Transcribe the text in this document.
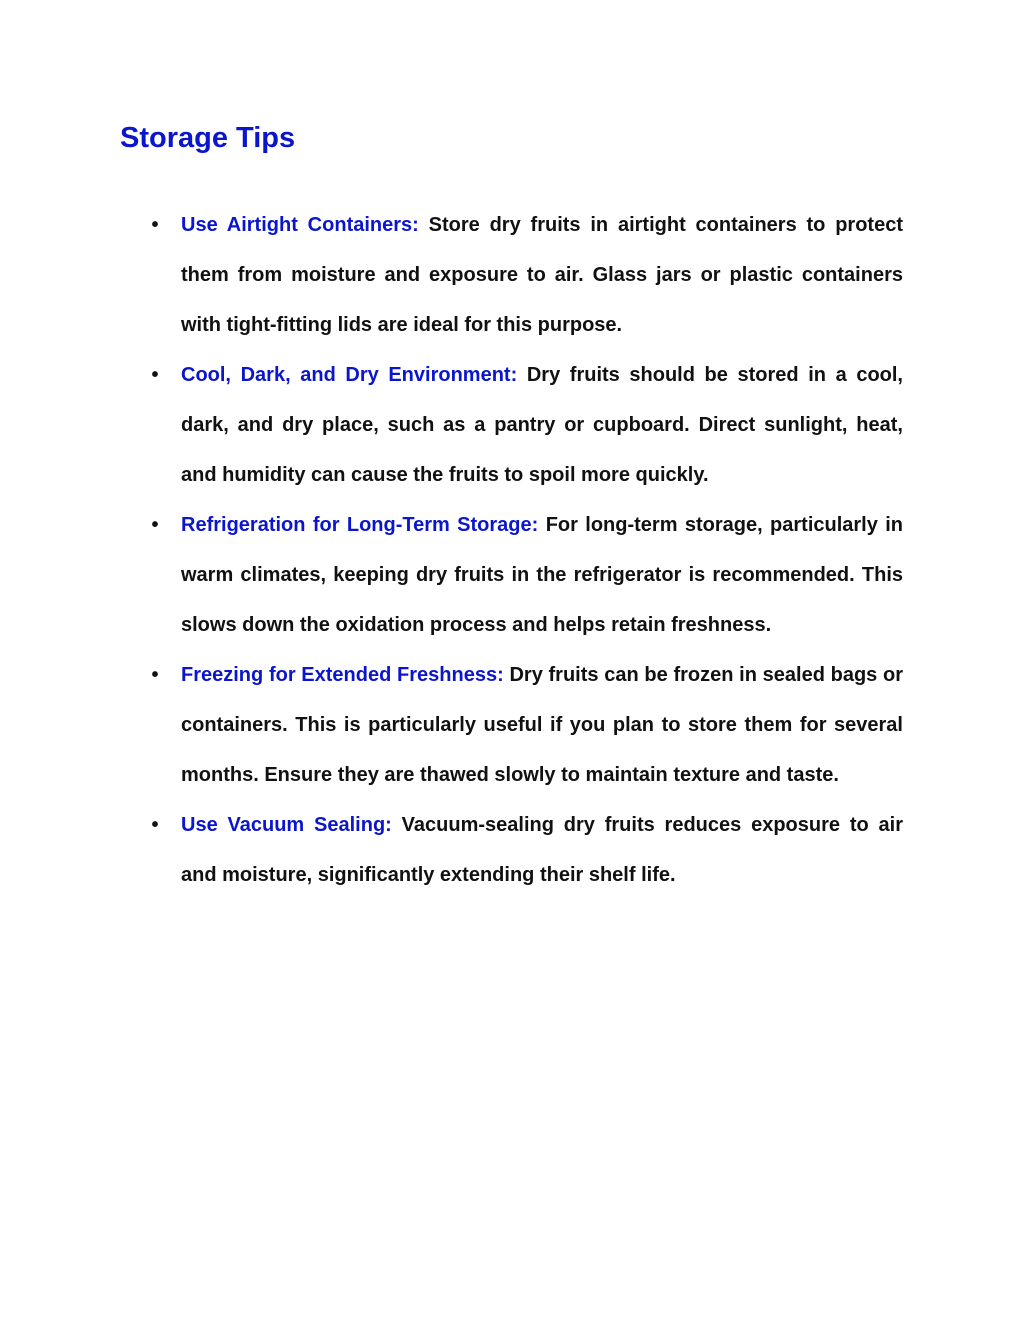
Storage Tips
•	Use Airtight Containers: Store dry fruits in airtight containers to protect them from moisture and exposure to air. Glass jars or plastic containers with tight-fitting lids are ideal for this purpose.
•	Cool, Dark, and Dry Environment: Dry fruits should be stored in a cool, dark, and dry place, such as a pantry or cupboard. Direct sunlight, heat, and humidity can cause the fruits to spoil more quickly.
•	Refrigeration for Long-Term Storage: For long-term storage, particularly in warm climates, keeping dry fruits in the refrigerator is recommended. This slows down the oxidation process and helps retain freshness.
•	Freezing for Extended Freshness: Dry fruits can be frozen in sealed bags or containers. This is particularly useful if you plan to store them for several months. Ensure they are thawed slowly to maintain texture and taste.
•	Use Vacuum Sealing: Vacuum-sealing dry fruits reduces exposure to air and moisture, significantly extending their shelf life.
